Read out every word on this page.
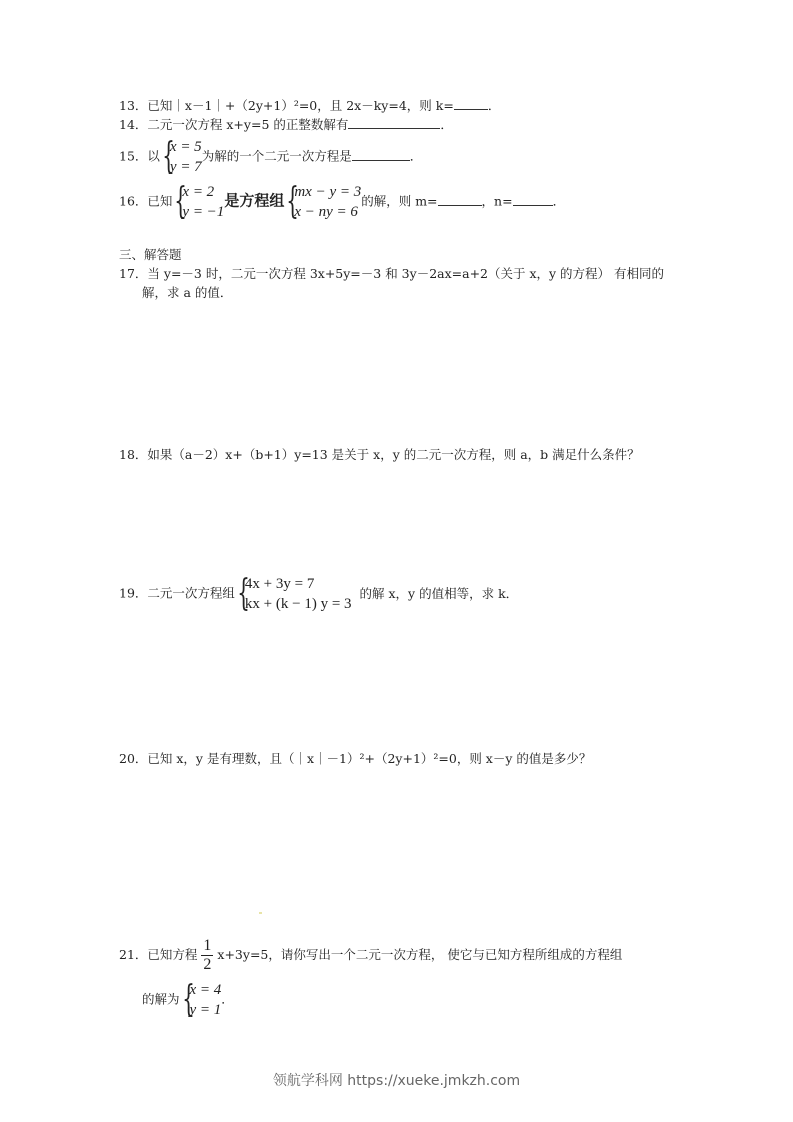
13．已知｜x－1｜+（2y+1）²=0，且 2x－ky=4，则 k=	．
14．二元一次方程 x+y=5 的正整数解有	．
15．以 {
x = 5
y = 7
为解的一个二元一次方程是	．
16．已知 {
x = 2
y = −1
是方程组 {
mx − y = 3
x − ny = 6
的解，则 m=	，n=	．
三、解答题
17．当 y=－3 时，二元一次方程 3x+5y=－3 和 3y－2ax=a+2（关于 x，y 的方程） 有相同的
解，求 a 的值．
18．如果（a－2）x+（b+1）y=13 是关于 x，y 的二元一次方程，则 a，b 满足什么条件？
19．二元一次方程组 {
4x + 3y = 7
kx + (k − 1) y = 3
的解 x，y 的值相等，求 k．
20．已知 x，y 是有理数，且（｜x｜－1）²+（2y+1）²=0，则 x－y 的值是多少？
21．已知方程 $\frac{1}{2} x+3y=5$，请你写出一个二元一次方程， 使它与已知方程所组成的方程组
的解为 {
x = 4
y = 1
．
领航学科网 https://xueke.jmkzh.com
